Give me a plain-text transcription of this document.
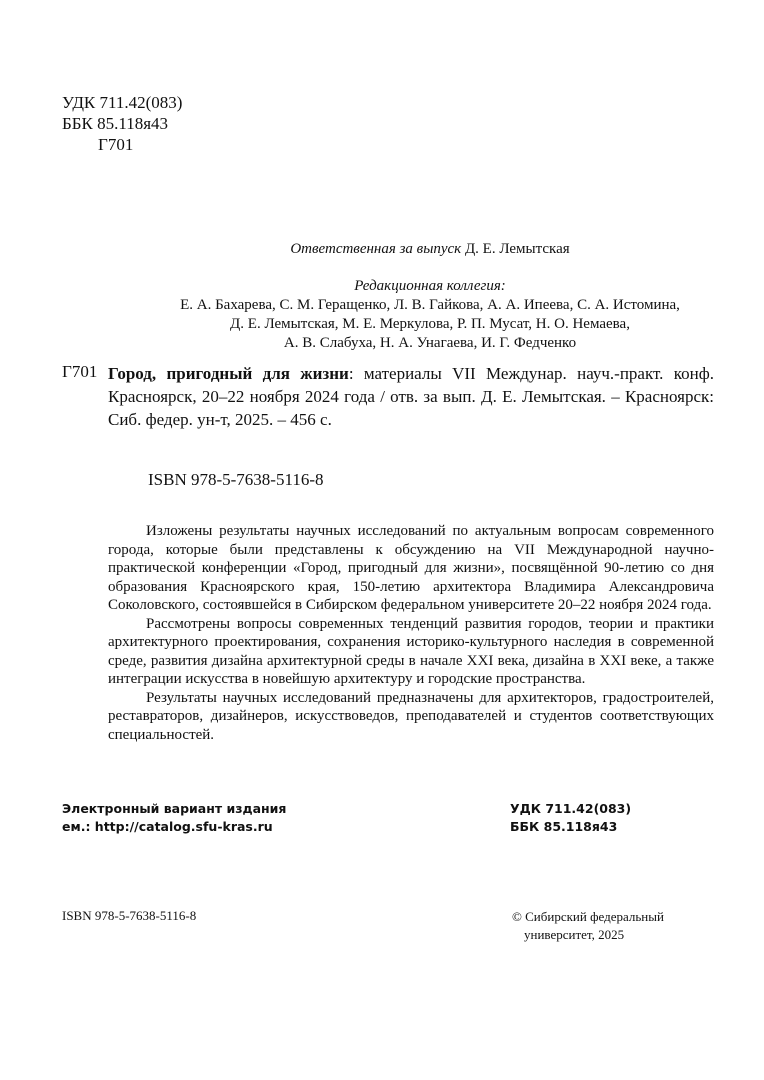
УДК 711.42(083)
ББК 85.118я43
Г701
Ответственная за выпуск Д. Е. Лемытская
Редакционная коллегия:
Е. А. Бахарева, С. М. Геращенко, Л. В. Гайкова, А. А. Ипеева, С. А. Истомина,
Д. Е. Лемытская, М. Е. Меркулова, Р. П. Мусат, Н. О. Немаева,
А. В. Слабуха, Н. А. Унагаева, И. Г. Федченко
Г701 Город, пригодный для жизни: материалы VII Междунар. науч.-практ. конф. Красноярск, 20–22 ноября 2024 года / отв. за вып. Д. Е. Лемытская. – Красноярск: Сиб. федер. ун-т, 2025. – 456 с.
ISBN 978-5-7638-5116-8

Изложены результаты научных исследований по актуальным вопросам современного города, которые были представлены к обсуждению на VII Международной научно-практической конференции «Город, пригодный для жизни», посвящённой 90-летию со дня образования Красноярского края, 150-летию архитектора Владимира Александровича Соколовского, состоявшейся в Сибирском федеральном университете 20–22 ноября 2024 года.

Рассмотрены вопросы современных тенденций развития городов, теории и практики архитектурного проектирования, сохранения историко-культурного наследия в современной среде, развития дизайна архитектурной среды в начале XXI века, дизайна в XXI веке, а также интеграции искусства в новейшую архитектуру и городские пространства.

Результаты научных исследований предназначены для архитекторов, градостроителей, реставраторов, дизайнеров, искусствоведов, преподавателей и студентов соответствующих специальностей.

Электронный вариант издания
ем.: http://catalog.sfu-kras.ru
УДК 711.42(083)
ББК 85.118я43
ISBN 978-5-7638-5116-8	© Сибирский федеральный
университет, 2025
